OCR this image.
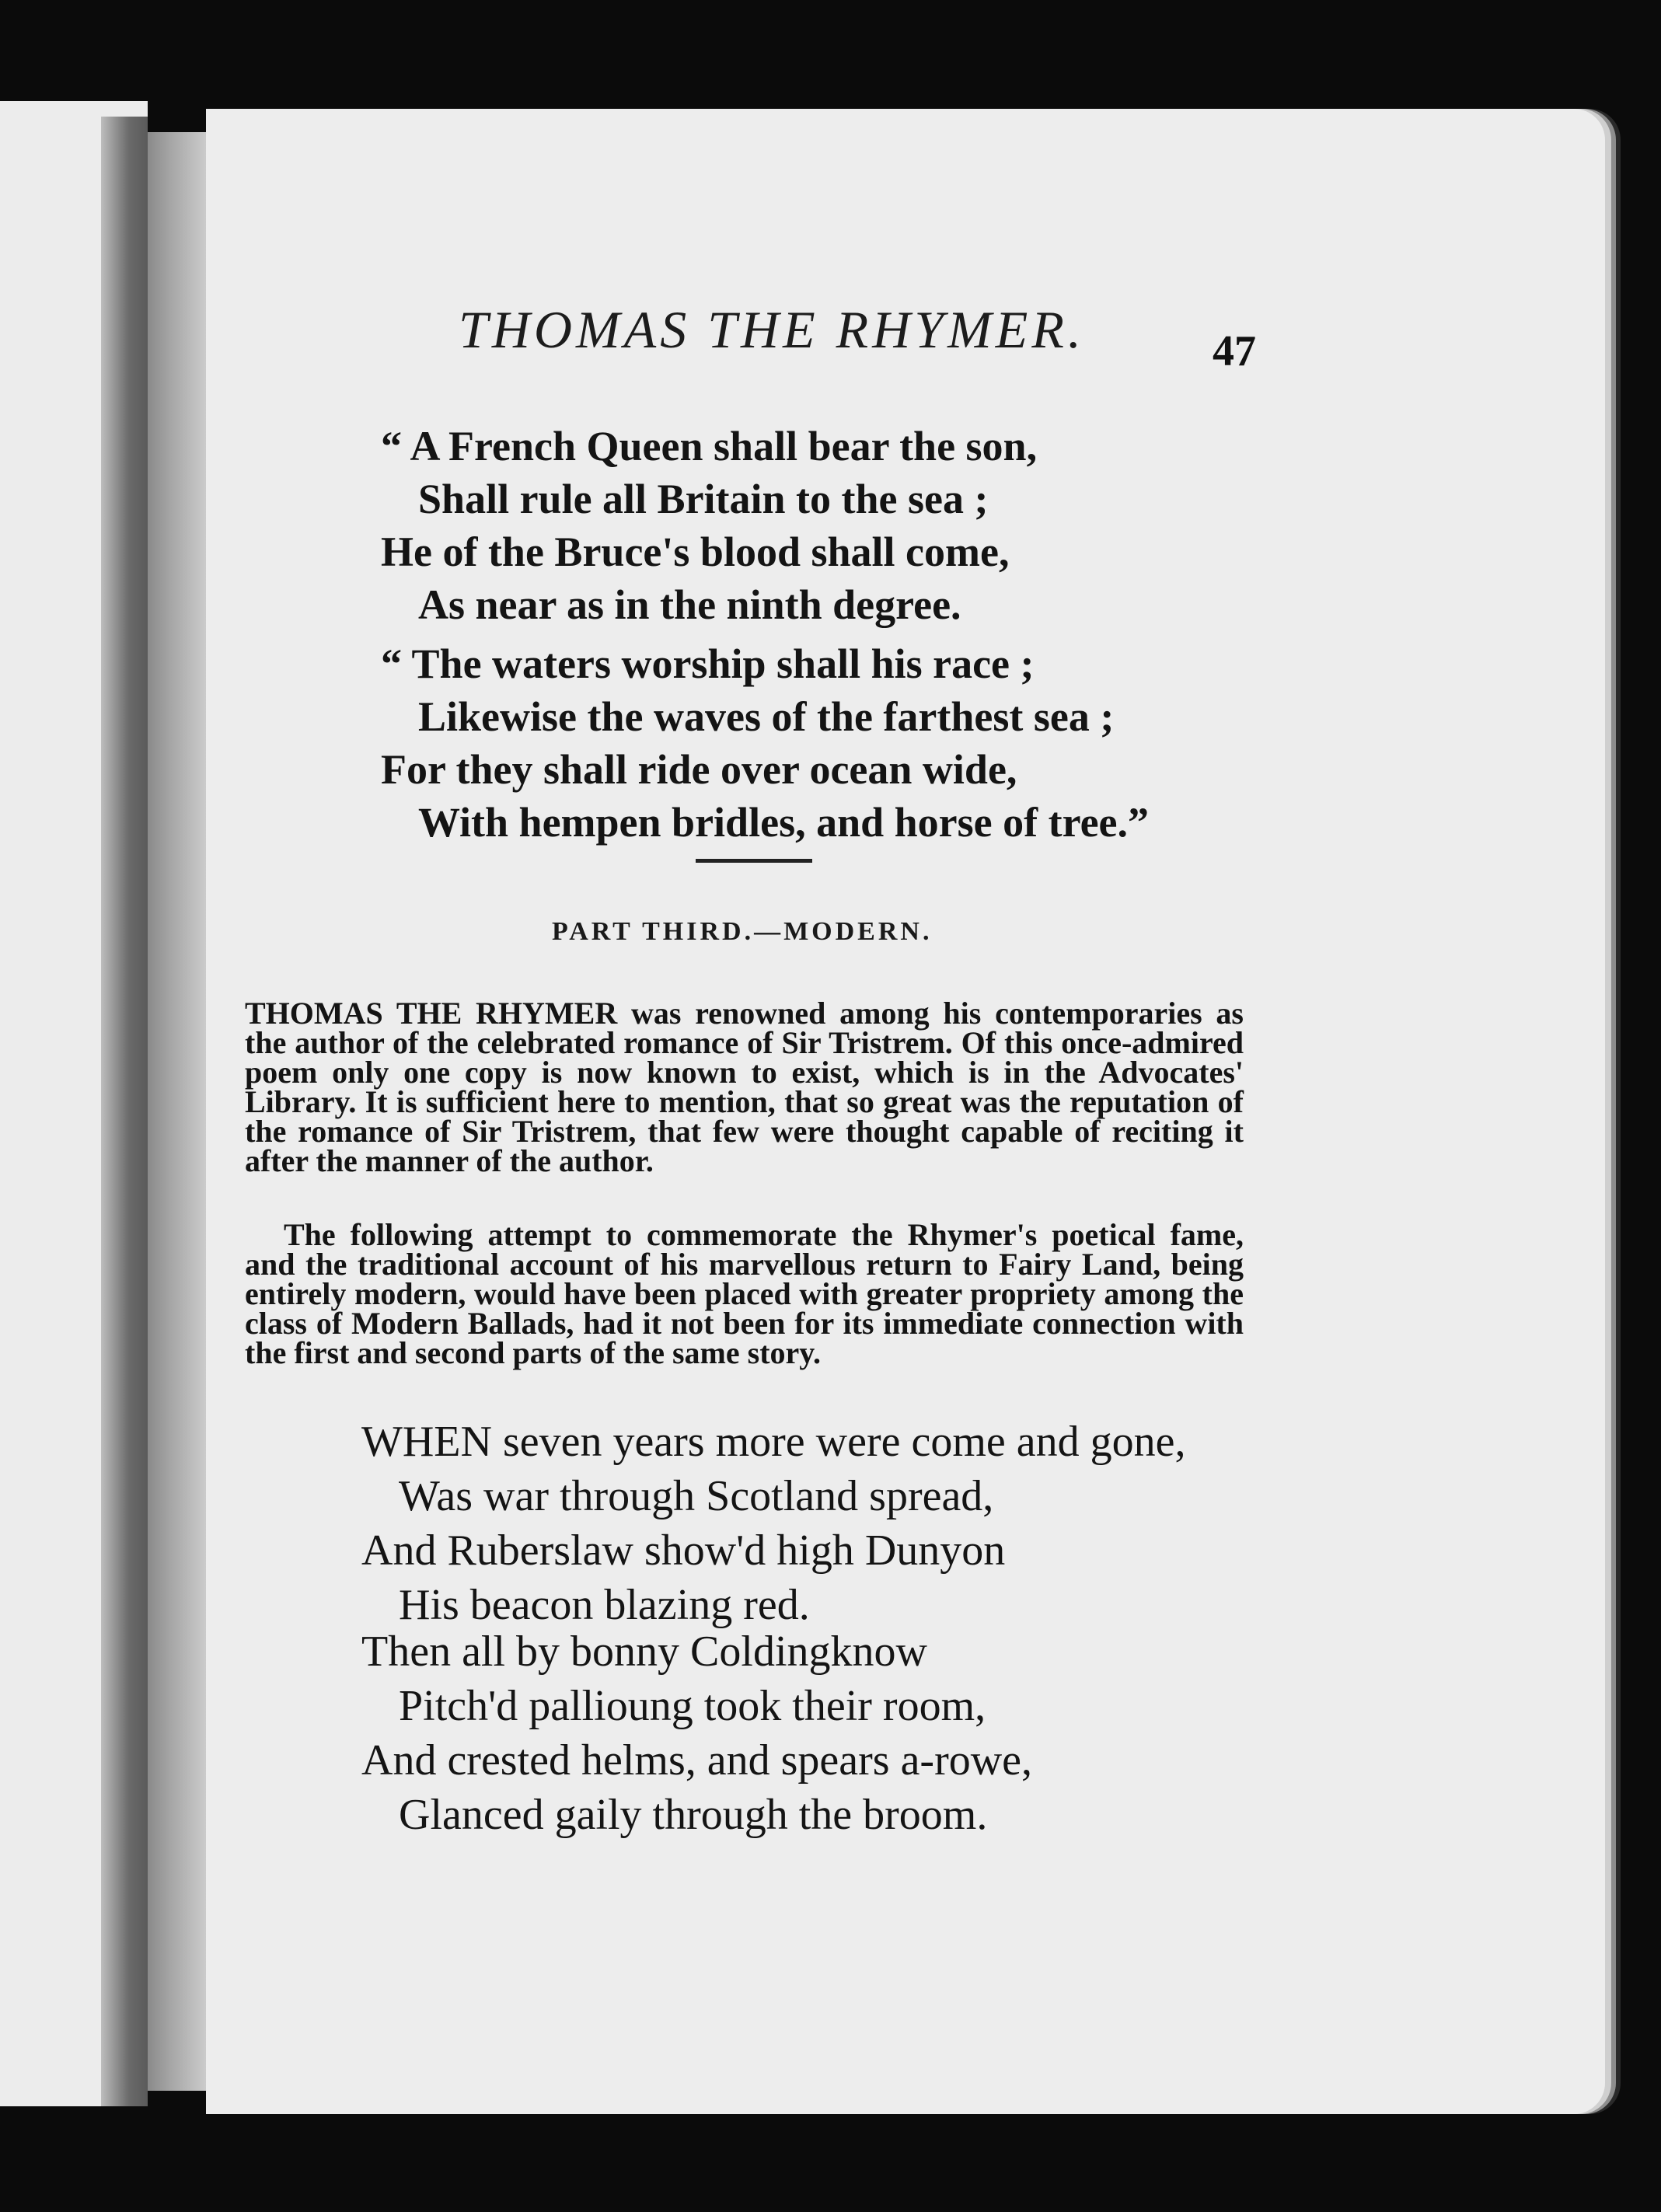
THOMAS THE RHYMER.	47
“ A French Queen shall bear the son,
Shall rule all Britain to the sea ;
He of the Bruce's blood shall come,
As near as in the ninth degree.
“ The waters worship shall his race ;
Likewise the waves of the farthest sea ;
For they shall ride over ocean wide,
With hempen bridles, and horse of tree.”
PART THIRD.—MODERN.

THOMAS THE RHYMER was renowned among his contemporaries as the author of the celebrated romance of Sir Tristrem. Of this once-admired poem only one copy is now known to exist, which is in the Advocates' Library. It is sufficient here to mention, that so great was the reputation of the romance of Sir Tristrem, that few were thought capable of reciting it after the manner of the author.

The following attempt to commemorate the Rhymer's poetical fame, and the traditional account of his marvellous return to Fairy Land, being entirely modern, would have been placed with greater propriety among the class of Modern Ballads, had it not been for its immediate connection with the first and second parts of the same story.

WHEN seven years more were come and gone,
Was war through Scotland spread,
And Ruberslaw show'd high Dunyon
His beacon blazing red.
Then all by bonny Coldingknow
Pitch'd pallioung took their room,
And crested helms, and spears a-rowe,
Glanced gaily through the broom.
